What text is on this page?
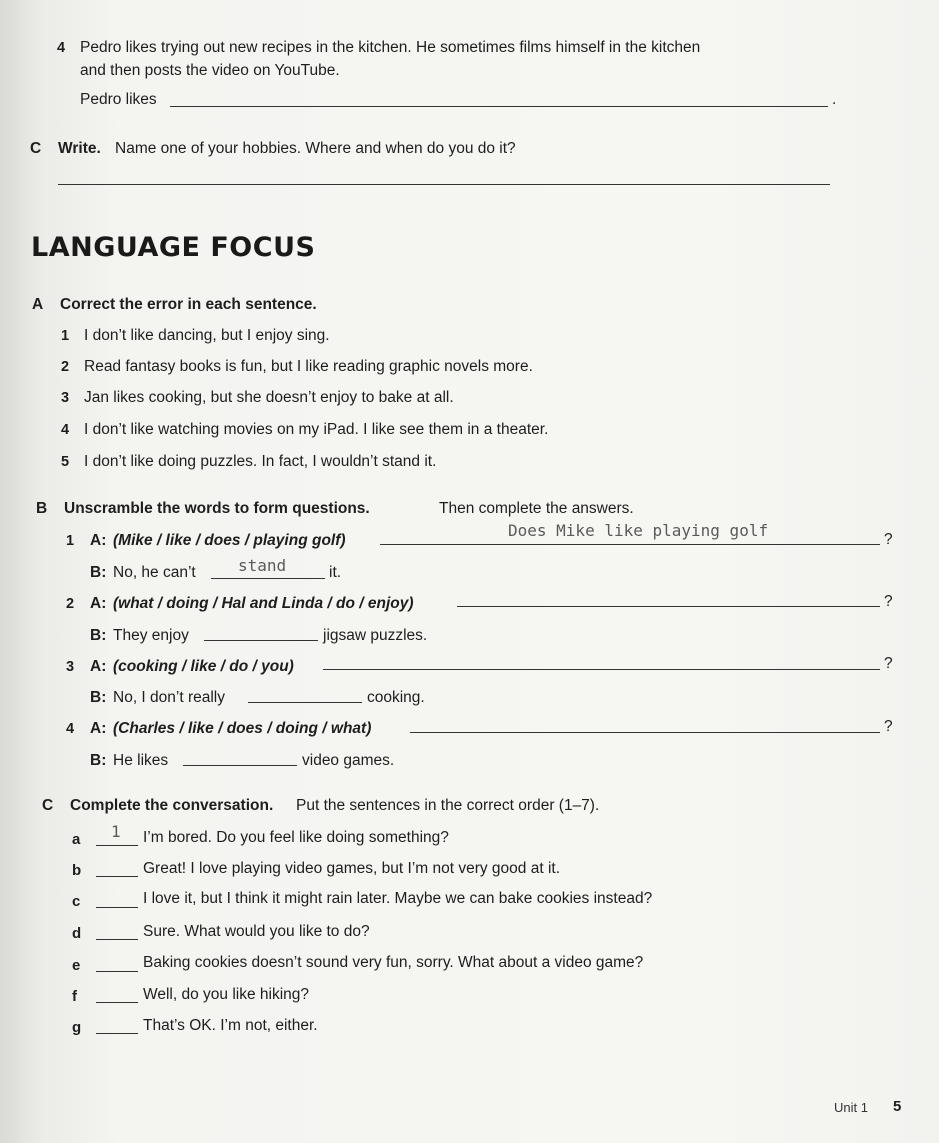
4 Pedro likes trying out new recipes in the kitchen. He sometimes films himself in the kitchen
and then posts the video on YouTube.
Pedro likes	.
C Write. Name one of your hobbies. Where and when do you do it?
LANGUAGE FOCUS
A Correct the error in each sentence.
1 I don’t like dancing, but I enjoy sing.
2 Read fantasy books is fun, but I like reading graphic novels more.
3 Jan likes cooking, but she doesn’t enjoy to bake at all.
4 I don’t like watching movies on my iPad. I like see them in a theater.
5 I don’t like doing puzzles. In fact, I wouldn’t stand it.
B Unscramble the words to form questions.	Then complete the answers.
1 A: (Mike / like / does / playing golf)
Does Mike like playing golf	?
B: No, he can’t	stand	it.
2 A: (what / doing / Hal and Linda / do / enjoy)	?
B: They enjoy	jigsaw puzzles.
3 A: (cooking / like / do / you)	?
B: No, I don’t really	cooking.
4 A: (Charles / like / does / doing / what)	?
B: He likes	video games.
C Complete the conversation. Put the sentences in the correct order (1–7).
a 1 I’m bored. Do you feel like doing something?
b	Great! I love playing video games, but I’m not very good at it.
c	I love it, but I think it might rain later. Maybe we can bake cookies instead?
d	Sure. What would you like to do?
e	Baking cookies doesn’t sound very fun, sorry. What about a video game?
f	Well, do you like hiking?
g	That’s OK. I’m not, either.
Unit 1 5
